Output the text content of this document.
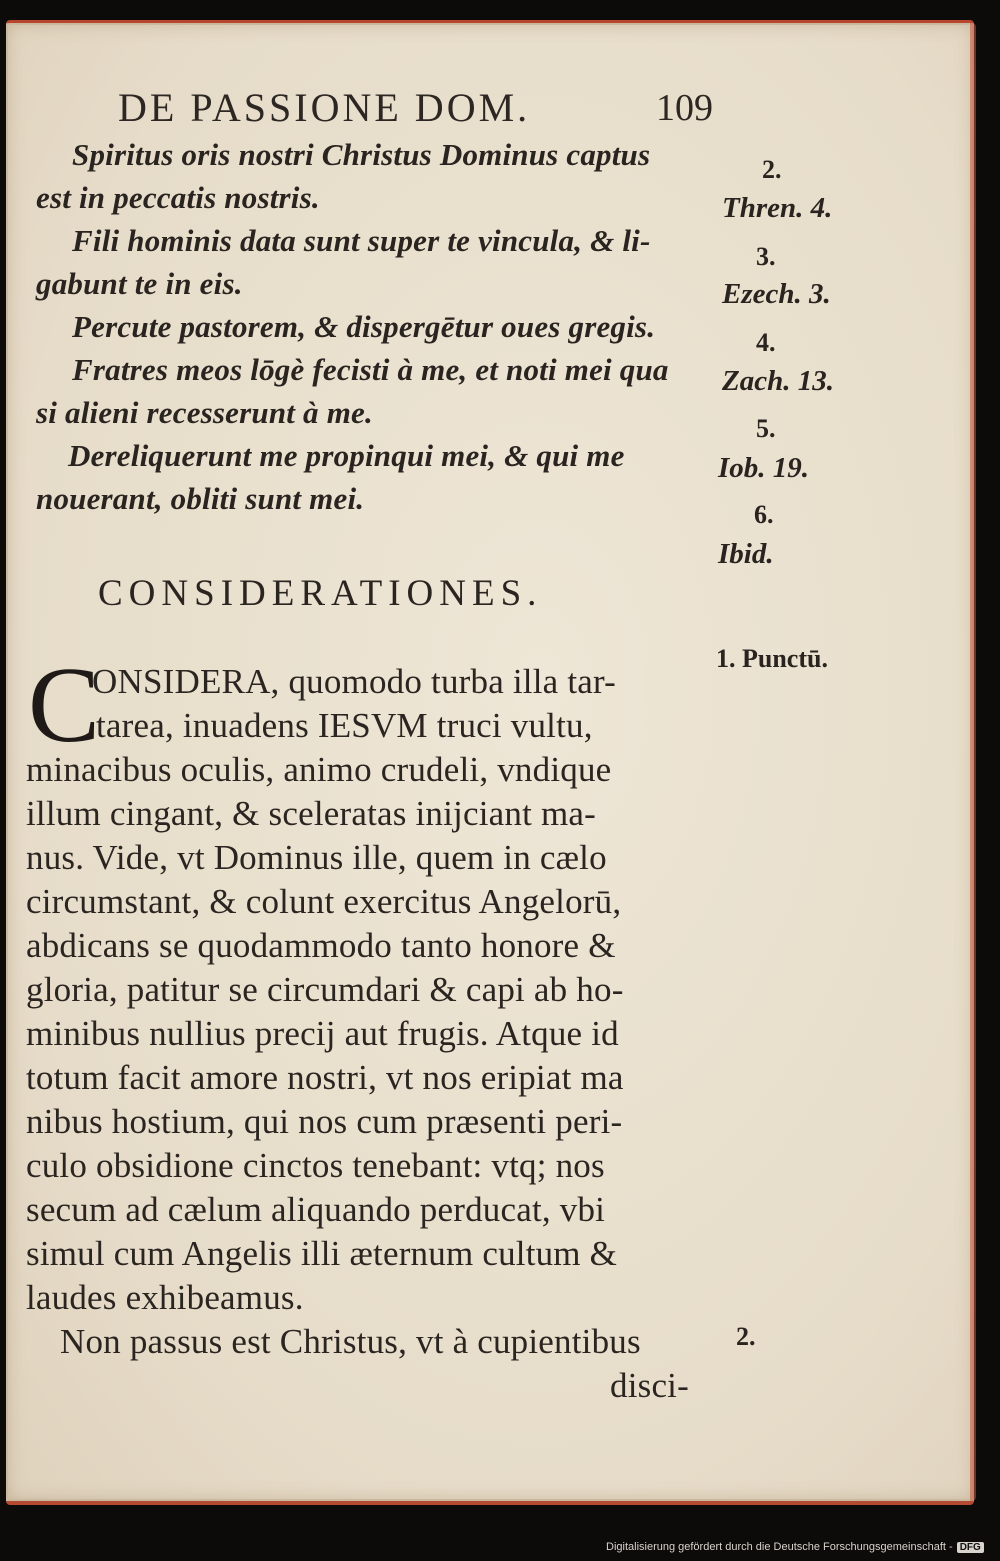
DE PASSIONE DOM.	109
Spiritus oris nostri Christus Dominus captus
est in peccatis nostris.
Fili hominis data sunt super te vincula, & li-
gabunt te in eis.
Percute pastorem, & dispergētur oues gregis.
Fratres meos lōgè fecisti à me, et noti mei qua
si alieni recesserunt à me.
Dereliquerunt me propinqui mei, & qui me
nouerant, obliti sunt mei.
2.
Thren. 4.
3.
Ezech. 3.
4.
Zach. 13.
5.
Iob. 19.
6.
Ibid.
1. Punctū.
2.
CONSIDERATIONES.
C
ONSIDERA, quomodo turba illa tar-
tarea, inuadens IESVM truci vultu,
minacibus oculis, animo crudeli, vndique
illum cingant, & sceleratas inijciant ma-
nus. Vide, vt Dominus ille, quem in cælo
circumstant, & colunt exercitus Angelorū,
abdicans se quodammodo tanto honore &
gloria, patitur se circumdari & capi ab ho-
minibus nullius precij aut frugis. Atque id
totum facit amore nostri, vt nos eripiat ma
nibus hostium, qui nos cum præsenti peri-
culo obsidione cinctos tenebant: vtq; nos
secum ad cælum aliquando perducat, vbi
simul cum Angelis illi æternum cultum &
laudes exhibeamus.
Non passus est Christus, vt à cupientibus
disci-
Digitalisierung gefördert durch die Deutsche Forschungsgemeinschaft - DFG
